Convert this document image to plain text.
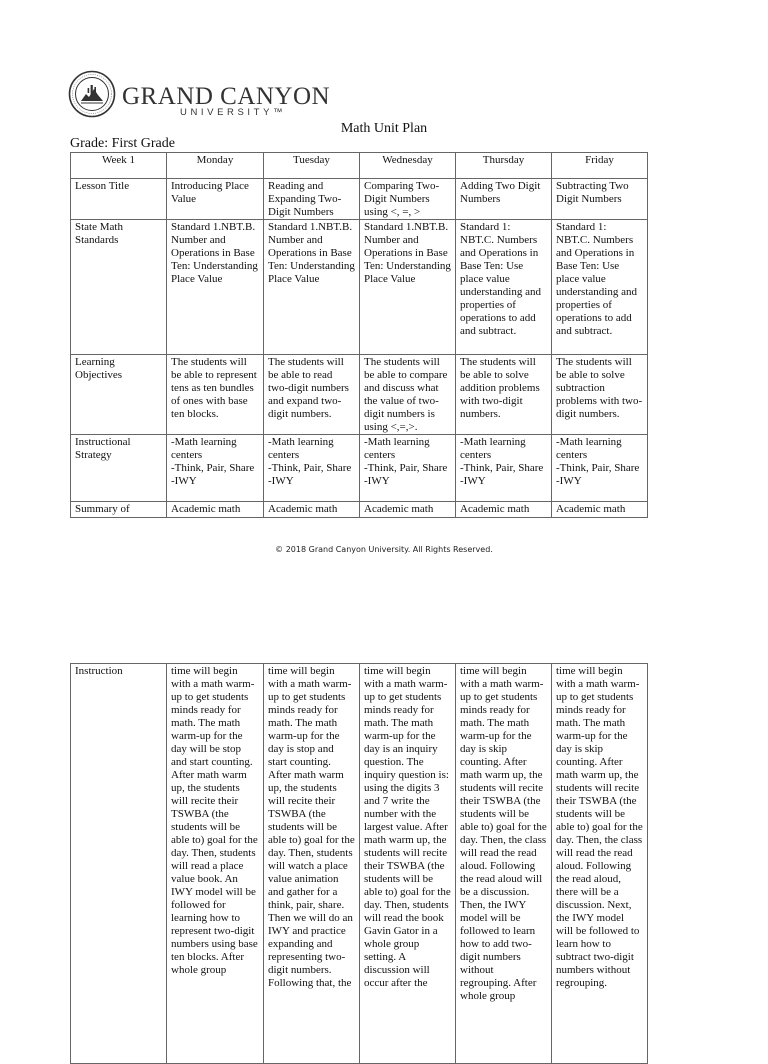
GRAND CANYON
UNIVERSITY™
Math Unit Plan
Grade: First Grade
Week 1	Monday	Tuesday	Wednesday	Thursday	Friday
Lesson Title	Introducing Place Value	Reading and Expanding Two-Digit Numbers	Comparing Two-Digit Numbers using <, =, >	Adding Two Digit Numbers	Subtracting Two Digit Numbers
State Math Standards	Standard 1.NBT.B. Number and Operations in Base Ten: Understanding Place Value	Standard 1.NBT.B. Number and Operations in Base Ten: Understanding Place Value	Standard 1.NBT.B. Number and Operations in Base Ten: Understanding Place Value	Standard 1: NBT.C. Numbers and Operations in Base Ten: Use place value understanding and properties of operations to add and subtract.	Standard 1: NBT.C. Numbers and Operations in Base Ten: Use place value understanding and properties of operations to add and subtract.
Learning Objectives	The students will be able to represent tens as ten bundles of ones with base ten blocks.	The students will be able to read two-digit numbers and expand two-digit numbers.	The students will be able to compare and discuss what the value of two-digit numbers is using <,=,>.	The students will be able to solve addition problems with two-digit numbers.	The students will be able to solve subtraction problems with two-digit numbers.
Instructional Strategy	-Math learning centers
-Think, Pair, Share
-IWY	-Math learning centers
-Think, Pair, Share
-IWY	-Math learning centers
-Think, Pair, Share
-IWY	-Math learning centers
-Think, Pair, Share
-IWY	-Math learning centers
-Think, Pair, Share
-IWY
Summary of	Academic math	Academic math	Academic math	Academic math	Academic math
© 2018 Grand Canyon University. All Rights Reserved.
Instruction	time will begin with a math warm-up to get students minds ready for math. The math warm-up for the day will be stop and start counting. After math warm up, the students will recite their TSWBA (the students will be able to) goal for the day. Then, students will read a place value book. An IWY model will be followed for learning how to represent two-digit numbers using base ten blocks. After whole group	time will begin with a math warm-up to get students minds ready for math. The math warm-up for the day is stop and start counting. After math warm up, the students will recite their TSWBA (the students will be able to) goal for the day. Then, students will watch a place value animation and gather for a think, pair, share. Then we will do an IWY and practice expanding and representing two-digit numbers. Following that, the	time will begin with a math warm-up to get students minds ready for math. The math warm-up for the day is an inquiry question. The inquiry question is: using the digits 3 and 7 write the number with the largest value. After math warm up, the students will recite their TSWBA (the students will be able to) goal for the day. Then, students will read the book Gavin Gator in a whole group setting. A discussion will occur after the	time will begin with a math warm-up to get students minds ready for math. The math warm-up for the day is skip counting. After math warm up, the students will recite their TSWBA (the students will be able to) goal for the day. Then, the class will read the read aloud. Following the read aloud will be a discussion. Then, the IWY model will be followed to learn how to add two-digit numbers without regrouping. After whole group	time will begin with a math warm-up to get students minds ready for math. The math warm-up for the day is skip counting. After math warm up, the students will recite their TSWBA (the students will be able to) goal for the day. Then, the class will read the read aloud. Following the read aloud, there will be a discussion. Next, the IWY model will be followed to learn how to subtract two-digit numbers without regrouping.
